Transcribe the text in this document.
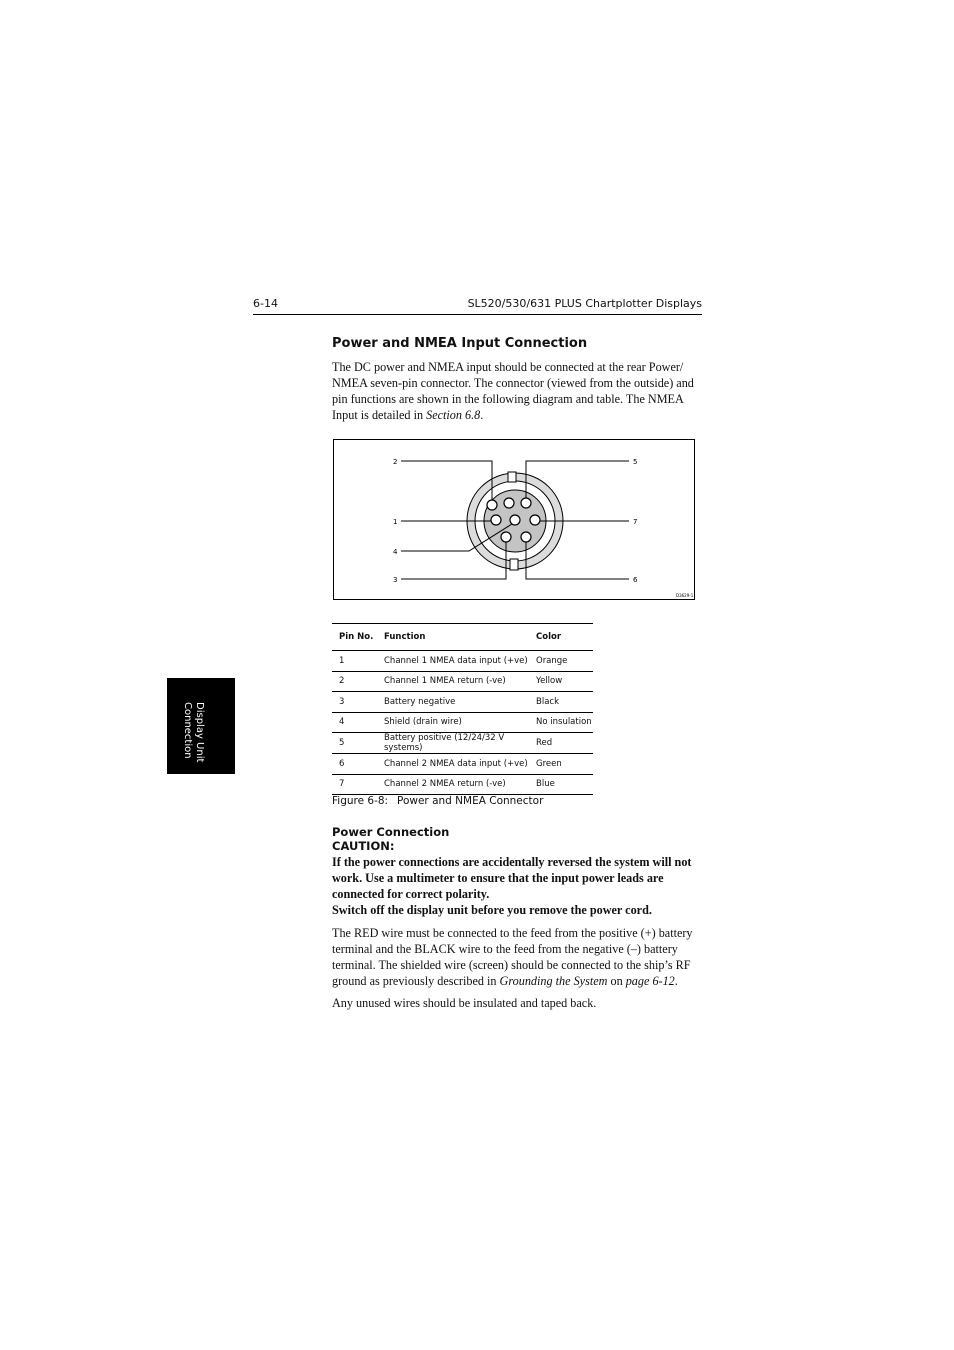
6-14	SL520/530/631 PLUS Chartplotter Displays
Power and NMEA Input Connection
The DC power and NMEA input should be connected at the rear Power/ NMEA seven-pin connector. The connector (viewed from the outside) and pin functions are shown in the following diagram and table. The NMEA Input is detailed in Section 6.8.
2
1
4
3
5
7
6
D3629-1
Pin No.	Function	Color
1	Channel 1 NMEA data input (+ve)	Orange
2	Channel 1 NMEA return (-ve)	Yellow
3	Battery negative	Black
4	Shield (drain wire)	No insulation
5	Battery positive (12/24/32 V systems)	Red
6	Channel 2 NMEA data input (+ve)	Green
7	Channel 2 NMEA return (-ve)	Blue
Figure 6-8: Power and NMEA Connector
Power Connection
CAUTION:
If the power connections are accidentally reversed the system will not work. Use a multimeter to ensure that the input power leads are connected for correct polarity.
Switch off the display unit before you remove the power cord.
The RED wire must be connected to the feed from the positive (+) battery terminal and the BLACK wire to the feed from the negative (–) battery terminal. The shielded wire (screen) should be connected to the ship’s RF ground as previously described in Grounding the System on page 6-12.
Any unused wires should be insulated and taped back.
Display Unit
Connection
